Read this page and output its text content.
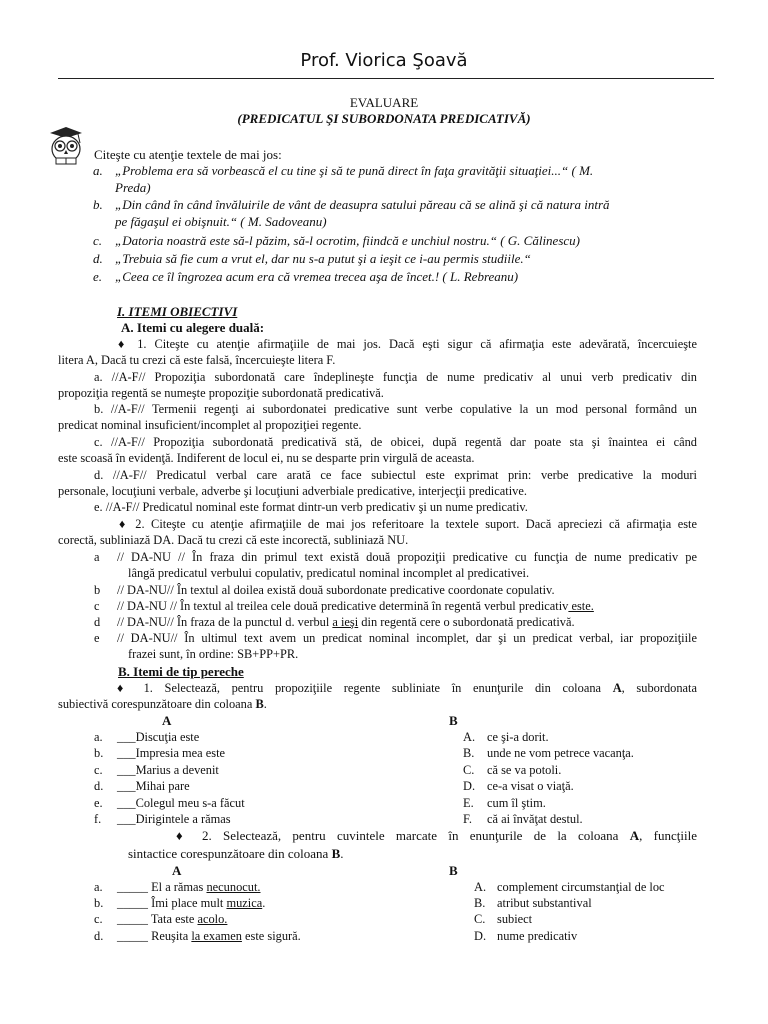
Prof. Viorica Şoavă
EVALUARE
(PREDICATUL ŞI SUBORDONATA PREDICATIVĂ)
Citeşte cu atenţie textele de mai jos:
a. „Problema era să vorbească el cu tine şi să te pună direct în faţa gravităţii situaţiei...“ ( M.
Preda)
b. „Din când în când învăluirile de vânt de deasupra satului păreau că se alină şi că natura intră
pe făgaşul ei obişnuit.“ ( M. Sadoveanu)
c. „Datoria noastră este să-l păzim, să-l ocrotim, fiindcă e unchiul nostru.“ ( G. Călinescu)
d. „Trebuia să fie cum a vrut el, dar nu s-a putut şi a ieşit ce i-au permis studiile.“
e. „Ceea ce îl îngrozea acum era că vremea trecea aşa de încet.! ( L. Rebreanu)
I. ITEMI OBIECTIVI
A. Itemi cu alegere duală:
♦ 1. Citeşte cu atenţie afirmaţiile de mai jos. Dacă eşti sigur că afirmaţia este adevărată, încercuieşte
litera A, Dacă tu crezi că este falsă, încercuieşte litera F.
a. //A-F// Propoziţia subordonată care îndeplineşte funcţia de nume predicativ al unui verb predicativ din
propoziţia regentă se numeşte propoziţie subordonată predicativă.
b. //A-F// Termenii regenţi ai subordonatei predicative sunt verbe copulative la un mod personal formând un
predicat nominal insuficient/incomplet al propoziţiei regente.
c. //A-F// Propoziţia subordonată predicativă stă, de obicei, după regentă dar poate sta şi înaintea ei când
este scoasă în evidenţă. Indiferent de locul ei, nu se desparte prin virgulă de aceasta.
d. //A-F// Predicatul verbal care arată ce face subiectul este exprimat prin: verbe predicative la moduri
personale, locuţiuni verbale, adverbe şi locuţiuni adverbiale predicative, interjecţii predicative.
e. //A-F// Predicatul nominal este format dintr-un verb predicativ şi un nume predicativ.
♦ 2. Citeşte cu atenţie afirmaţiile de mai jos referitoare la textele suport. Dacă apreciezi că afirmaţia este
corectă, subliniază DA. Dacă tu crezi că este incorectă, subliniază NU.
a // DA-NU // În fraza din primul text există două propoziţii predicative cu funcţia de nume predicativ pe
lângă predicatul verbului copulativ, predicatul nominal incomplet al predicativei.
b // DA-NU// În textul al doilea există două subordonate predicative coordonate copulativ.
c // DA-NU // În textul al treilea cele două predicative determină în regentă verbul predicativ este.
d // DA-NU// În fraza de la punctul d. verbul a ieşi din regentă cere o subordonată predicativă.
e // DA-NU// În ultimul text avem un predicat nominal incomplet, dar şi un predicat verbal, iar propoziţiile
frazei sunt, în ordine: SB+PP+PR.
B. Itemi de tip pereche
♦ 1. Selectează, pentru propoziţiile regente subliniate în enunţurile din coloana A, subordonata
subiectivă corespunzătoare din coloana B.
A	B
a. ___Discuţia este	A. ce şi-a dorit.
b. ___Impresia mea este	B. unde ne vom petrece vacanţa.
c. ___Marius a devenit	C. că se va potoli.
d. ___Mihai pare	D. ce-a visat o viaţă.
e. ___Colegul meu s-a făcut	E. cum îl ştim.
f. ___Dirigintele a rămas	F. că ai învăţat destul.
♦ 2. Selectează, pentru cuvintele marcate în enunţurile de la coloana A, funcţiile
sintactice corespunzătoare din coloana B.
A	B
a. _____ El a rămas necunocut.	A. complement circumstanţial de loc
b. _____ Îmi place mult muzica.	B. atribut substantival
c. _____ Tata este acolo.	C. subiect
d. _____ Reuşita la examen este sigură.	D. nume predicativ
